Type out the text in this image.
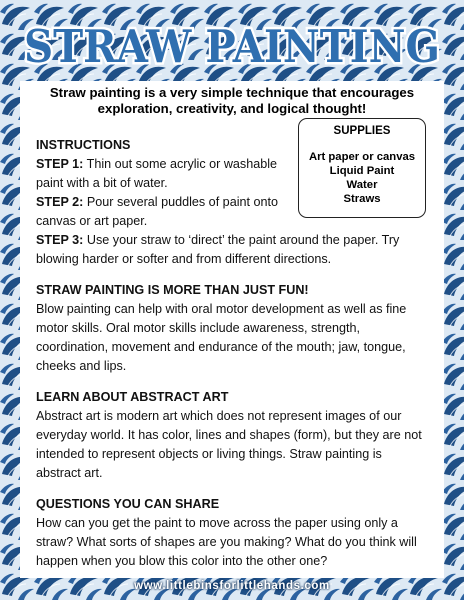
STRAW PAINTING
Straw painting is a very simple technique that encourages exploration, creativity, and logical thought!
SUPPLIES
Art paper or canvas
Liquid Paint
Water
Straws
INSTRUCTIONS

STEP 1: Thin out some acrylic or washable paint with a bit of water.

STEP 2: Pour several puddles of paint onto canvas or art paper.

STEP 3: Use your straw to ‘direct’ the paint around the paper. Try blowing harder or softer and from different directions.

STRAW PAINTING IS MORE THAN JUST FUN!

Blow painting can help with oral motor development as well as fine motor skills. Oral motor skills include awareness, strength, coordination, movement and endurance of the mouth; jaw, tongue, cheeks and lips.

LEARN ABOUT ABSTRACT ART

Abstract art is modern art which does not represent images of our everyday world. It has color, lines and shapes (form), but they are not intended to represent objects or living things. Straw painting is abstract art.

QUESTIONS YOU CAN SHARE

How can you get the paint to move across the paper using only a straw? What sorts of shapes are you making? What do you think will happen when you blow this color into the other one?

www.littlebinsforlittlehands.com
